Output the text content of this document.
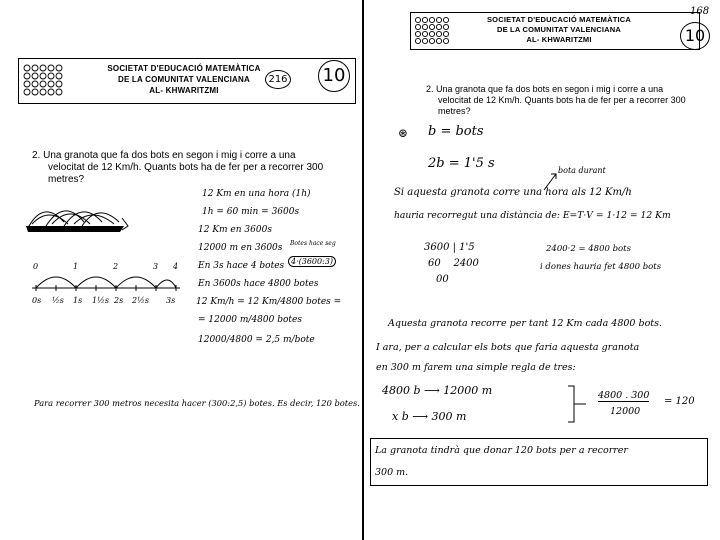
SOCIETAT D'EDUCACIÓ MATEMÀTICA
DE LA COMUNITAT VALENCIANA
AL- KHWARITZMI
216 10
2. Una granota que fa dos bots en segon i mig i corre a una
velocitat de 12 Km/h. Quants bots ha de fer per a recorrer 300
metres?
0	1	2	3 4
0s ½s 1s 1½s 2s 2½s 3s
12 Km en una hora (1h)
1h = 60 min = 3600s
12 Km en 3600s
12000 m en 3600s Botes hace seg
4·(3600:3)
En 3s hace 4 botes
En 3600s hace 4800 botes
12 Km/h = 12 Km/4800 botes =
= 12000 m/4800 botes
12000/4800 = 2,5 m/bote
Para recorrer 300 metros necesita hacer (300:2,5) botes. Es decir, 120 botes.
168
SOCIETAT D'EDUCACIÓ MATEMÀTICA
DE LA COMUNITAT VALENCIANA
AL- KHWARITZMI	10
2. Una granota que fa dos bots en segon i mig i corre a una
velocitat de 12 Km/h. Quants bots ha de fer per a recorrer 300
metres?
⊛ b = bots
2b = 1'5 s	bota durant
Si aquesta granota corre una hora als 12 Km/h
hauria recorregut una distància de: E=T·V = 1·12 = 12 Km
3600 | 1'5
60    2400
00
2400·2 = 4800 bots
i dones hauria fet 4800 bots
Aquesta granota recorre per tant 12 Km cada 4800 bots.
I ara, per a calcular els bots que faria aquesta granota
en 300 m farem una simple regla de tres:
4800 b ⟶ 12000 m
x b ⟶ 300 m
4800 . 300
12000
= 120
La granota tindrà que donar 120 bots per a recorrer
300 m.
